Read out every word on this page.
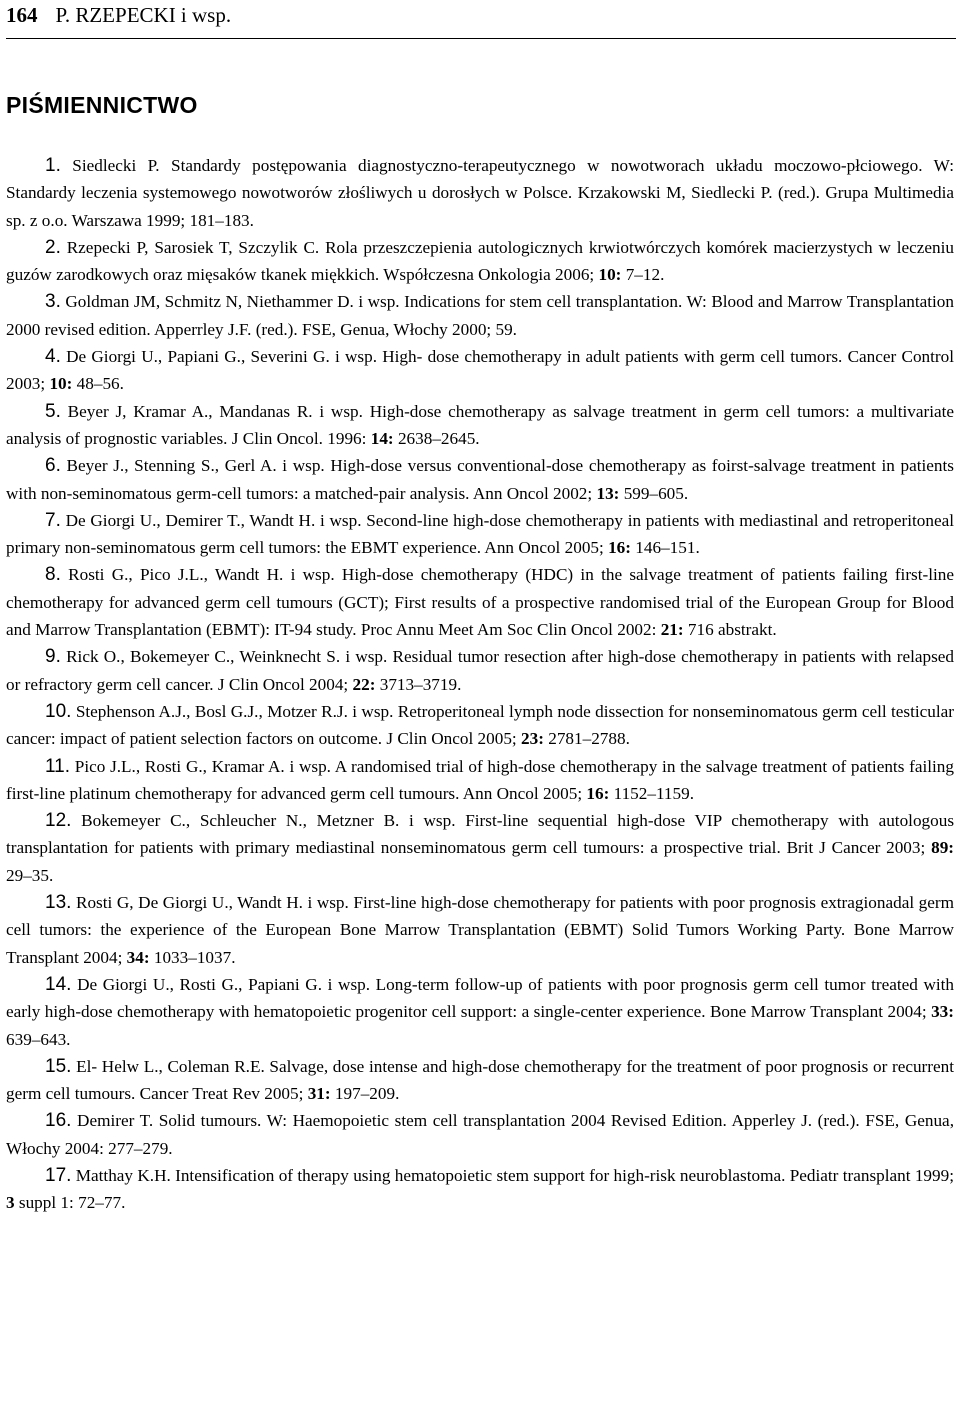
164 P. RZEPECKI i wsp.
PIŚMIENNICTWO

1. Siedlecki P. Standardy postępowania diagnostyczno-terapeutycznego w nowotworach układu moczowo-płciowego. W: Standardy leczenia systemowego nowotworów złośliwych u dorosłych w Polsce. Krzakowski M, Siedlecki P. (red.). Grupa Multimedia sp. z o.o. Warszawa 1999; 181–183.

2. Rzepecki P, Sarosiek T, Szczylik C. Rola przeszczepienia autologicznych krwiotwórczych komórek macierzystych w leczeniu guzów zarodkowych oraz mięsaków tkanek miękkich. Współczesna Onkologia 2006; 10: 7–12.

3. Goldman JM, Schmitz N, Niethammer D. i wsp. Indications for stem cell transplantation. W: Blood and Marrow Transplantation 2000 revised edition. Apperrley J.F. (red.). FSE, Genua, Włochy 2000; 59.

4. De Giorgi U., Papiani G., Severini G. i wsp. High- dose chemotherapy in adult patients with germ cell tumors. Cancer Control 2003; 10: 48–56.

5. Beyer J, Kramar A., Mandanas R. i wsp. High-dose chemotherapy as salvage treatment in germ cell tumors: a multivariate analysis of prognostic variables. J Clin Oncol. 1996: 14: 2638–2645.

6. Beyer J., Stenning S., Gerl A. i wsp. High-dose versus conventional-dose chemotherapy as foirst-salvage treatment in patients with non-seminomatous germ-cell tumors: a matched-pair analysis. Ann Oncol 2002; 13: 599–605.

7. De Giorgi U., Demirer T., Wandt H. i wsp. Second-line high-dose chemotherapy in patients with mediastinal and retroperitoneal primary non-seminomatous germ cell tumors: the EBMT experience. Ann Oncol 2005; 16: 146–151.

8. Rosti G., Pico J.L., Wandt H. i wsp. High-dose chemotherapy (HDC) in the salvage treatment of patients failing first-line chemotherapy for advanced germ cell tumours (GCT); First results of a prospective randomised trial of the European Group for Blood and Marrow Transplantation (EBMT): IT-94 study. Proc Annu Meet Am Soc Clin Oncol 2002: 21: 716 abstrakt.

9. Rick O., Bokemeyer C., Weinknecht S. i wsp. Residual tumor resection after high-dose chemotherapy in patients with relapsed or refractory germ cell cancer. J Clin Oncol 2004; 22: 3713–3719.

10. Stephenson A.J., Bosl G.J., Motzer R.J. i wsp. Retroperitoneal lymph node dissection for nonseminomatous germ cell testicular cancer: impact of patient selection factors on outcome. J Clin Oncol 2005; 23: 2781–2788.

11. Pico J.L., Rosti G., Kramar A. i wsp. A randomised trial of high-dose chemotherapy in the salvage treatment of patients failing first-line platinum chemotherapy for advanced germ cell tumours. Ann Oncol 2005; 16: 1152–1159.

12. Bokemeyer C., Schleucher N., Metzner B. i wsp. First-line sequential high-dose VIP chemotherapy with autologous transplantation for patients with primary mediastinal nonseminomatous germ cell tumours: a prospective trial. Brit J Cancer 2003; 89: 29–35.

13. Rosti G, De Giorgi U., Wandt H. i wsp. First-line high-dose chemotherapy for patients with poor prognosis extragionadal germ cell tumors: the experience of the European Bone Marrow Transplantation (EBMT) Solid Tumors Working Party. Bone Marrow Transplant 2004; 34: 1033–1037.

14. De Giorgi U., Rosti G., Papiani G. i wsp. Long-term follow-up of patients with poor prognosis germ cell tumor treated with early high-dose chemotherapy with hematopoietic progenitor cell support: a single-center experience. Bone Marrow Transplant 2004; 33: 639–643.

15. El- Helw L., Coleman R.E. Salvage, dose intense and high-dose chemotherapy for the treatment of poor prognosis or recurrent germ cell tumours. Cancer Treat Rev 2005; 31: 197–209.

16. Demirer T. Solid tumours. W: Haemopoietic stem cell transplantation 2004 Revised Edition. Apperley J. (red.). FSE, Genua, Włochy 2004: 277–279.

17. Matthay K.H. Intensification of therapy using hematopoietic stem support for high-risk neuroblastoma. Pediatr transplant 1999; 3 suppl 1: 72–77.
